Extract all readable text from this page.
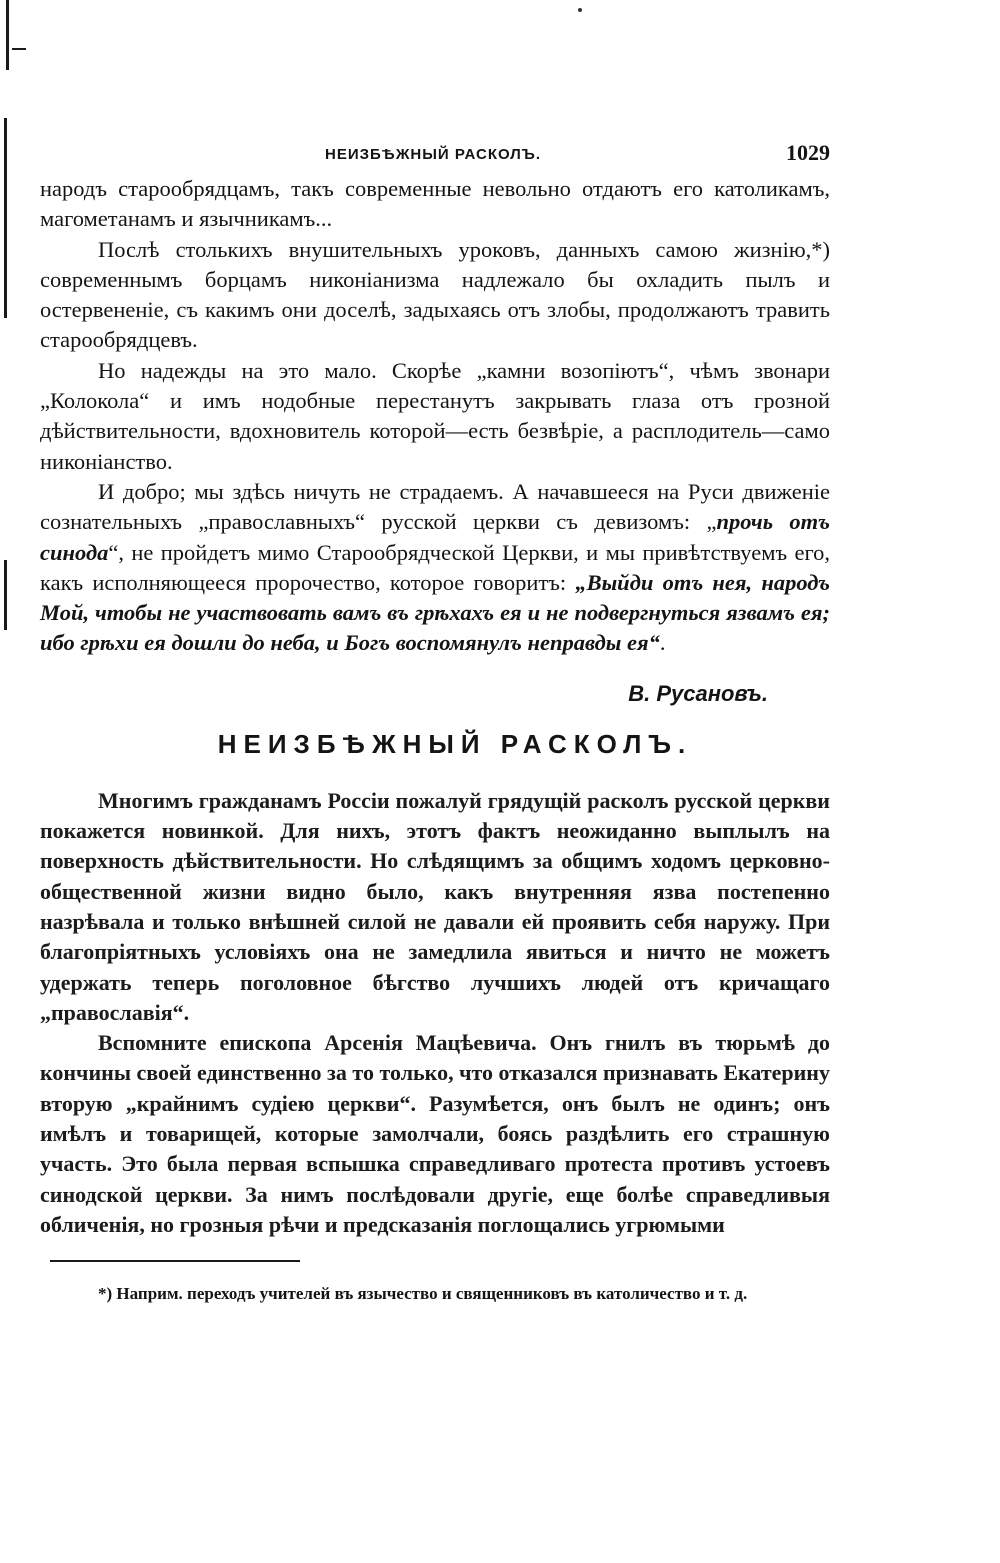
НЕИЗБѢЖНЫЙ РАСКОЛЪ.	1029

народъ старообрядцамъ, такъ современные невольно отдаютъ его католикамъ, магометанамъ и язычникамъ...

Послѣ столькихъ внушительныхъ уроковъ, данныхъ самою жизнію,*) современнымъ борцамъ никоніанизма надлежало бы охладить пылъ и остервененіе, съ какимъ они доселѣ, задыхаясь отъ злобы, продолжаютъ травить старообрядцевъ.

Но надежды на это мало. Скорѣе „камни возопіютъ“, чѣмъ звонари „Колокола“ и имъ нодобные перестанутъ закрывать глаза отъ грозной дѣйствительности, вдохновитель которой—есть безвѣріе, а расплодитель—само никоніанство.

И добро; мы здѣсь ничуть не страдаемъ. А начавшееся на Руси движеніе сознательныхъ „православныхъ“ русской церкви съ девизомъ: „прочь отъ синода“, не пройдетъ мимо Старообрядческой Церкви, и мы привѣтствуемъ его, какъ исполняющееся пророчество, которое говоритъ: „Выйди отъ нея, народъ Мой, чтобы не участвовать вамъ въ грѣхахъ ея и не подвергнуться язвамъ ея; ибо грѣхи ея дошли до неба, и Богъ воспомянулъ неправды ея“.

В. Русановъ.
НЕИЗБѢЖНЫЙ РАСКОЛЪ.

Многимъ гражданамъ Россіи пожалуй грядущій расколъ русской церкви покажется новинкой. Для нихъ, этотъ фактъ неожиданно выплылъ на поверхность дѣйствительности. Но слѣдящимъ за общимъ ходомъ церковно-общественной жизни видно было, какъ внутренняя язва постепенно назрѣвала и только внѣшней силой не давали ей проявить себя наружу. При благопріятныхъ условіяхъ она не замедлила явиться и ничто не можетъ удержать теперь поголовное бѣгство лучшихъ людей отъ кричащаго „православія“.

Вспомните епископа Арсенія Мацѣевича. Онъ гнилъ въ тюрьмѣ до кончины своей единственно за то только, что отказался признавать Екатерину вторую „крайнимъ судіею церкви“. Разумѣется, онъ былъ не одинъ; онъ имѣлъ и товарищей, которые замолчали, боясь раздѣлить его страшную участь. Это была первая вспышка справедливаго протеста противъ устоевъ синодской церкви. За нимъ послѣдовали другіе, еще болѣе справедливыя обличенія, но грозныя рѣчи и предсказанія поглощались угрюмыми

*) Наприм. переходъ учителей въ язычество и священниковъ въ католичество и т. д.
